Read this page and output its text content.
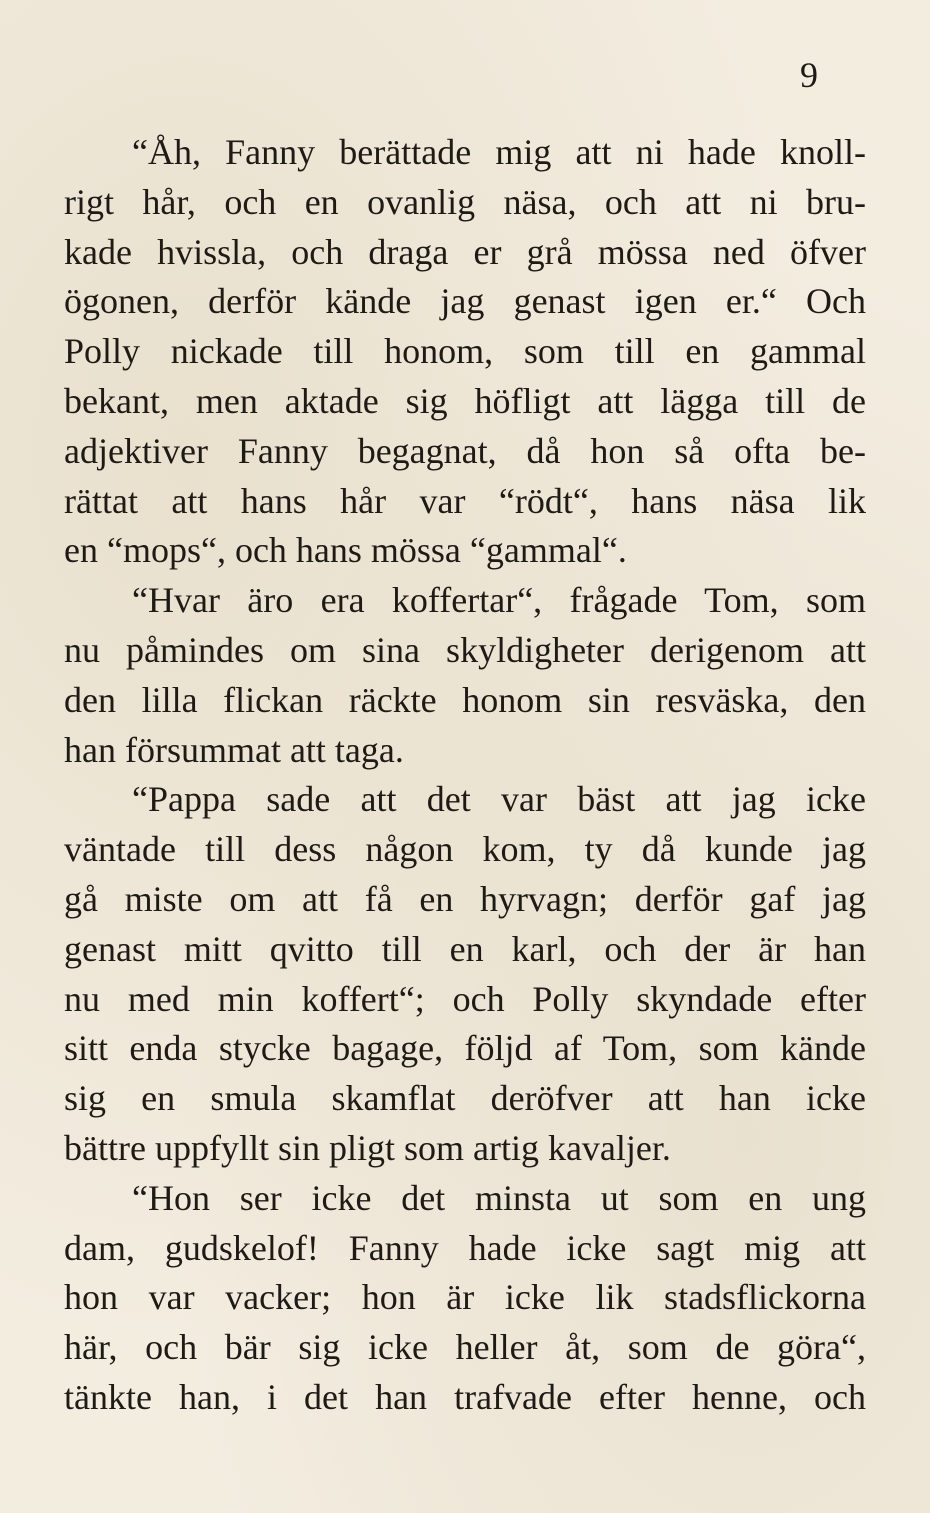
9
“Åh, Fanny berättade mig att ni hade knoll-
rigt hår, och en ovanlig näsa, och att ni bru-
kade hvissla, och draga er grå mössa ned öfver
ögonen, derför kände jag genast igen er.“ Och
Polly nickade till honom, som till en gammal
bekant, men aktade sig höfligt att lägga till de
adjektiver Fanny begagnat, då hon så ofta be-
rättat att hans hår var “rödt“, hans näsa lik
en “mops“, och hans mössa “gammal“.
“Hvar äro era koffertar“, frågade Tom, som
nu påmindes om sina skyldigheter derigenom att
den lilla flickan räckte honom sin resväska, den
han försummat att taga.
“Pappa sade att det var bäst att jag icke
väntade till dess någon kom, ty då kunde jag
gå miste om att få en hyrvagn; derför gaf jag
genast mitt qvitto till en karl, och der är han
nu med min koffert“; och Polly skyndade efter
sitt enda stycke bagage, följd af Tom, som kände
sig en smula skamflat deröfver att han icke
bättre uppfyllt sin pligt som artig kavaljer.
“Hon ser icke det minsta ut som en ung
dam, gudskelof! Fanny hade icke sagt mig att
hon var vacker; hon är icke lik stadsflickorna
här, och bär sig icke heller åt, som de göra“,
tänkte han, i det han trafvade efter henne, och
